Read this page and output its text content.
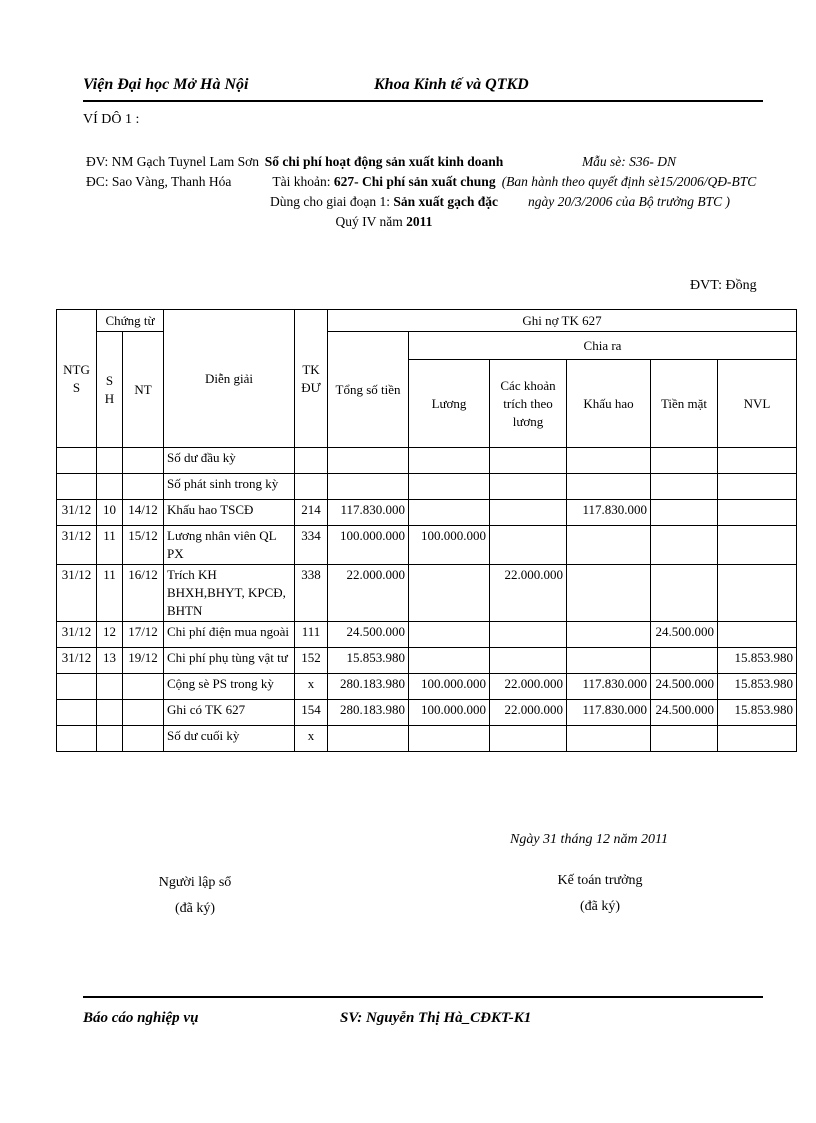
Viện Đại học Mở Hà Nội	Khoa Kinh tế và QTKD
VÍ DÔ 1 :
ĐV: NM Gạch Tuynel Lam Sơn
ĐC: Sao Vàng, Thanh Hóa
Sổ chi phí hoạt động sản xuất kinh doanh
Tài khoản: 627- Chi phí sản xuất chung
Dùng cho giai đoạn 1: Sản xuất gạch đặc
Quý IV năm 2011
Mẫu sè: S36- DN
(Ban hành theo quyết định sè15/2006/QĐ-BTC
ngày 20/3/2006 của Bộ trưởng BTC )
ĐVT: Đồng
NTG S	Chứng từ		Diễn giải	TK ĐƯ	Ghi nợ TK 627					
	S H	NT			Tổng số tiền	Chia ra				
						Lương	Các khoản trích theo lương	Khấu hao	Tiền mặt	NVL
			Số dư đầu kỳ							
			Số phát sinh trong kỳ							
31/12	10	14/12	Khấu hao TSCĐ	214	117.830.000			117.830.000		
31/12	11	15/12	Lương nhân viên QL PX	334	100.000.000	100.000.000				
31/12	11	16/12	Trích KH BHXH,BHYT, KPCĐ, BHTN	338	22.000.000		22.000.000			
31/12	12	17/12	Chi phí điện mua ngoài	111	24.500.000				24.500.000	
31/12	13	19/12	Chi phí phụ tùng vật tư	152	15.853.980					15.853.980
			Cộng sè PS trong kỳ	x	280.183.980	100.000.000	22.000.000	117.830.000	24.500.000	15.853.980
			Ghi có TK 627	154	280.183.980	100.000.000	22.000.000	117.830.000	24.500.000	15.853.980
			Số dư cuối kỳ	x						
Ngày 31 tháng 12 năm 2011
Người lập sổ
(đã ký)
Kế toán trưởng
(đã ký)
Báo cáo nghiệp vụ	SV: Nguyễn Thị Hà_CĐKT-K1
